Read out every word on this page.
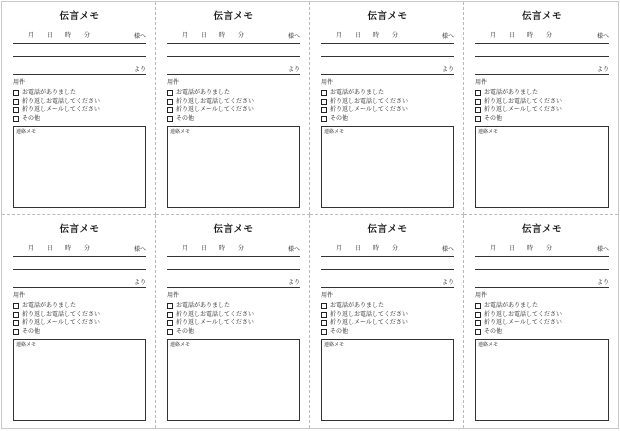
伝言メモ
月 日 時 分	様へ
より
用件
お電話がありました
折り返しお電話してください
折り返しメールしてください
その他
連絡メモ
伝言メモ
月 日 時 分	様へ
より
用件
お電話がありました
折り返しお電話してください
折り返しメールしてください
その他
連絡メモ
伝言メモ
月 日 時 分	様へ
より
用件
お電話がありました
折り返しお電話してください
折り返しメールしてください
その他
連絡メモ
伝言メモ
月 日 時 分	様へ
より
用件
お電話がありました
折り返しお電話してください
折り返しメールしてください
その他
連絡メモ
伝言メモ
月 日 時 分	様へ
より
用件
お電話がありました
折り返しお電話してください
折り返しメールしてください
その他
連絡メモ
伝言メモ
月 日 時 分	様へ
より
用件
お電話がありました
折り返しお電話してください
折り返しメールしてください
その他
連絡メモ
伝言メモ
月 日 時 分	様へ
より
用件
お電話がありました
折り返しお電話してください
折り返しメールしてください
その他
連絡メモ
伝言メモ
月 日 時 分	様へ
より
用件
お電話がありました
折り返しお電話してください
折り返しメールしてください
その他
連絡メモ
